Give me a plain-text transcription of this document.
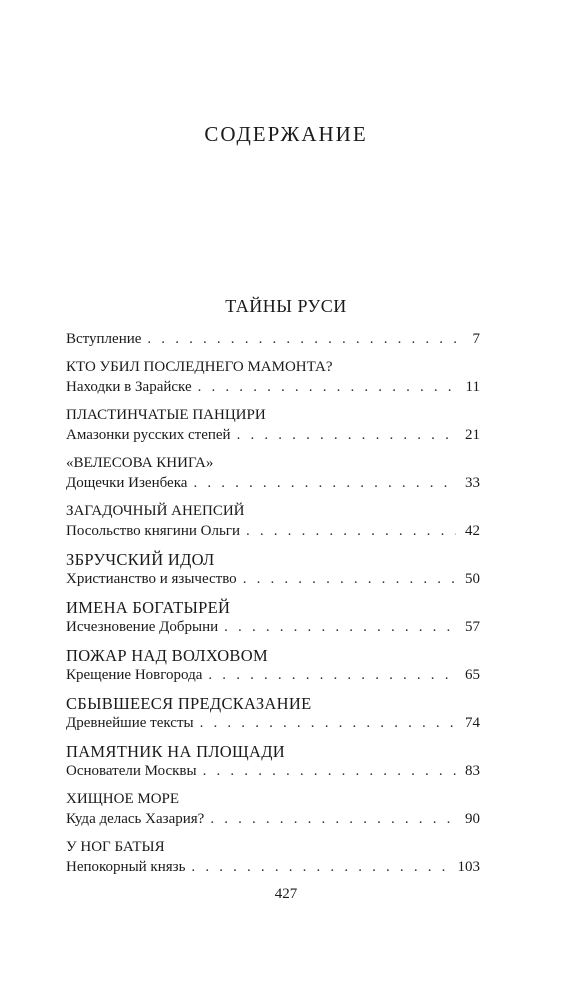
СОДЕРЖАНИЕ
ТАЙНЫ РУСИ
Вступление . . .	7
КТО УБИЛ ПОСЛЕДНЕГО МАМОНТА?
Находки в Зарайске . . .	11
ПЛАСТИНЧАТЫЕ ПАНЦИРИ
Амазонки русских степей . . .	21
«ВЕЛЕСОВА КНИГА»
Дощечки Изенбека . . .	33
ЗАГАДОЧНЫЙ АНЕПСИЙ
Посольство княгини Ольги . . .	42
ЗБРУЧСКИЙ ИДОЛ
Христианство и язычество . . .	50
ИМЕНА БОГАТЫРЕЙ
Исчезновение Добрыни . . .	57
ПОЖАР НАД ВОЛХОВОМ
Крещение Новгорода . . .	65
СБЫВШЕЕСЯ ПРЕДСКАЗАНИЕ
Древнейшие тексты . . .	74
ПАМЯТНИК НА ПЛОЩАДИ
Основатели Москвы . . .	83
ХИЩНОЕ МОРЕ
Куда делась Хазария? . . .	90
У НОГ БАТЫЯ
Непокорный князь . . .	103
427
